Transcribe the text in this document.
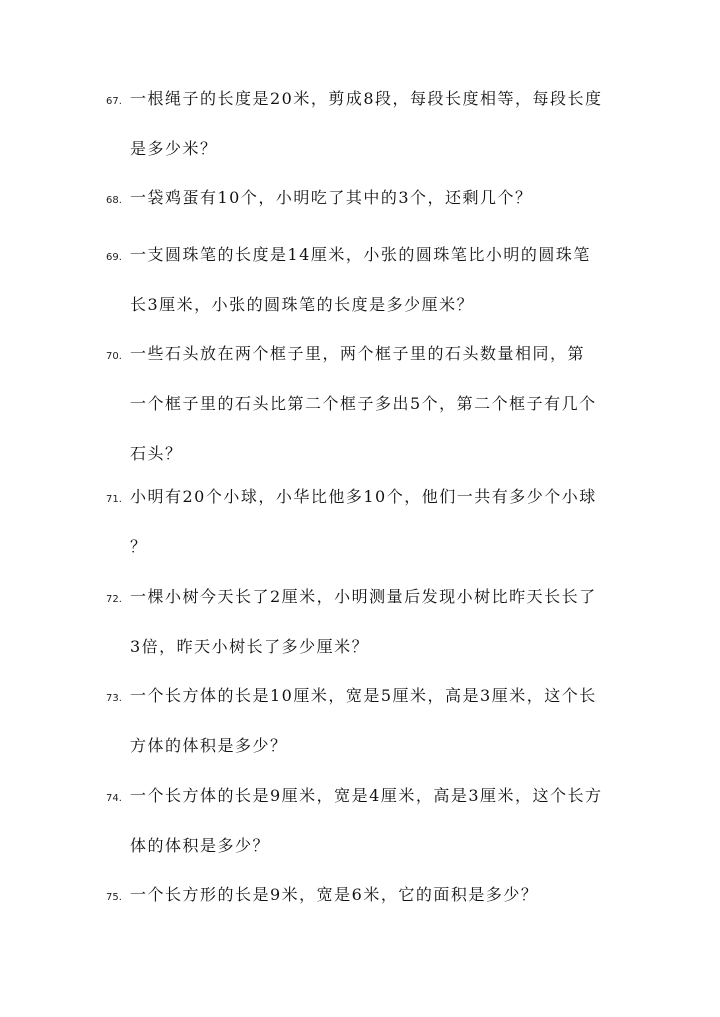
67. 一根绳子的长度是20米，剪成8段，每段长度相等，每段长度
是多少米？
68. 一袋鸡蛋有10个，小明吃了其中的3个，还剩几个？
69. 一支圆珠笔的长度是14厘米，小张的圆珠笔比小明的圆珠笔
长3厘米，小张的圆珠笔的长度是多少厘米？
70. 一些石头放在两个框子里，两个框子里的石头数量相同，第
一个框子里的石头比第二个框子多出5个，第二个框子有几个
石头？
71. 小明有20个小球，小华比他多10个，他们一共有多少个小球
？
72. 一棵小树今天长了2厘米，小明测量后发现小树比昨天长长了
3倍，昨天小树长了多少厘米？
73. 一个长方体的长是10厘米，宽是5厘米，高是3厘米，这个长
方体的体积是多少？
74. 一个长方体的长是9厘米，宽是4厘米，高是3厘米，这个长方
体的体积是多少？
75. 一个长方形的长是9米，宽是6米，它的面积是多少？
